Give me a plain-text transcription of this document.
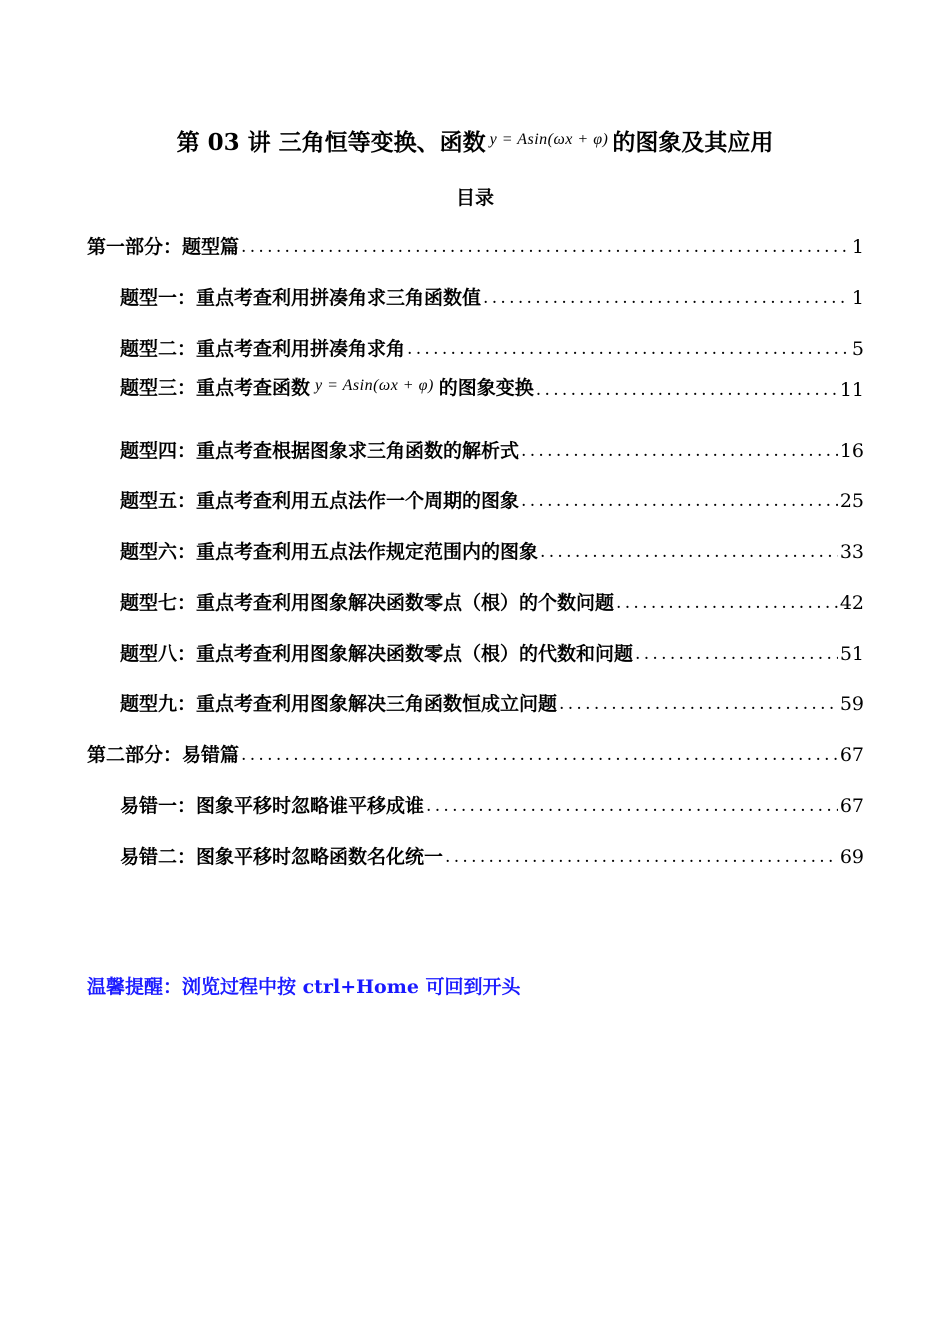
第 03 讲 三角恒等变换、函数 $^{y = Asin(\omega x + \varphi)}$ 的图象及其应用
目录
第一部分：题型篇 .....	1
题型一：重点考查利用拼凑角求三角函数值 .....	1
题型二：重点考查利用拼凑角求角 .....	5
题型三：重点考查函数 $^{y = Asin(\omega x + \varphi)}$ 的图象变换 .....	11
题型四：重点考查根据图象求三角函数的解析式 .....	16
题型五：重点考查利用五点法作一个周期的图象 .....	25
题型六：重点考查利用五点法作规定范围内的图象 .....	33
题型七：重点考查利用图象解决函数零点（根）的个数问题 .....	42
题型八：重点考查利用图象解决函数零点（根）的代数和问题 .....	51
题型九：重点考查利用图象解决三角函数恒成立问题 .....	59
第二部分：易错篇 .....	67
易错一：图象平移时忽略谁平移成谁 .....	67
易错二：图象平移时忽略函数名化统一 .....	69
温馨提醒：浏览过程中按 ctrl+Home 可回到开头
